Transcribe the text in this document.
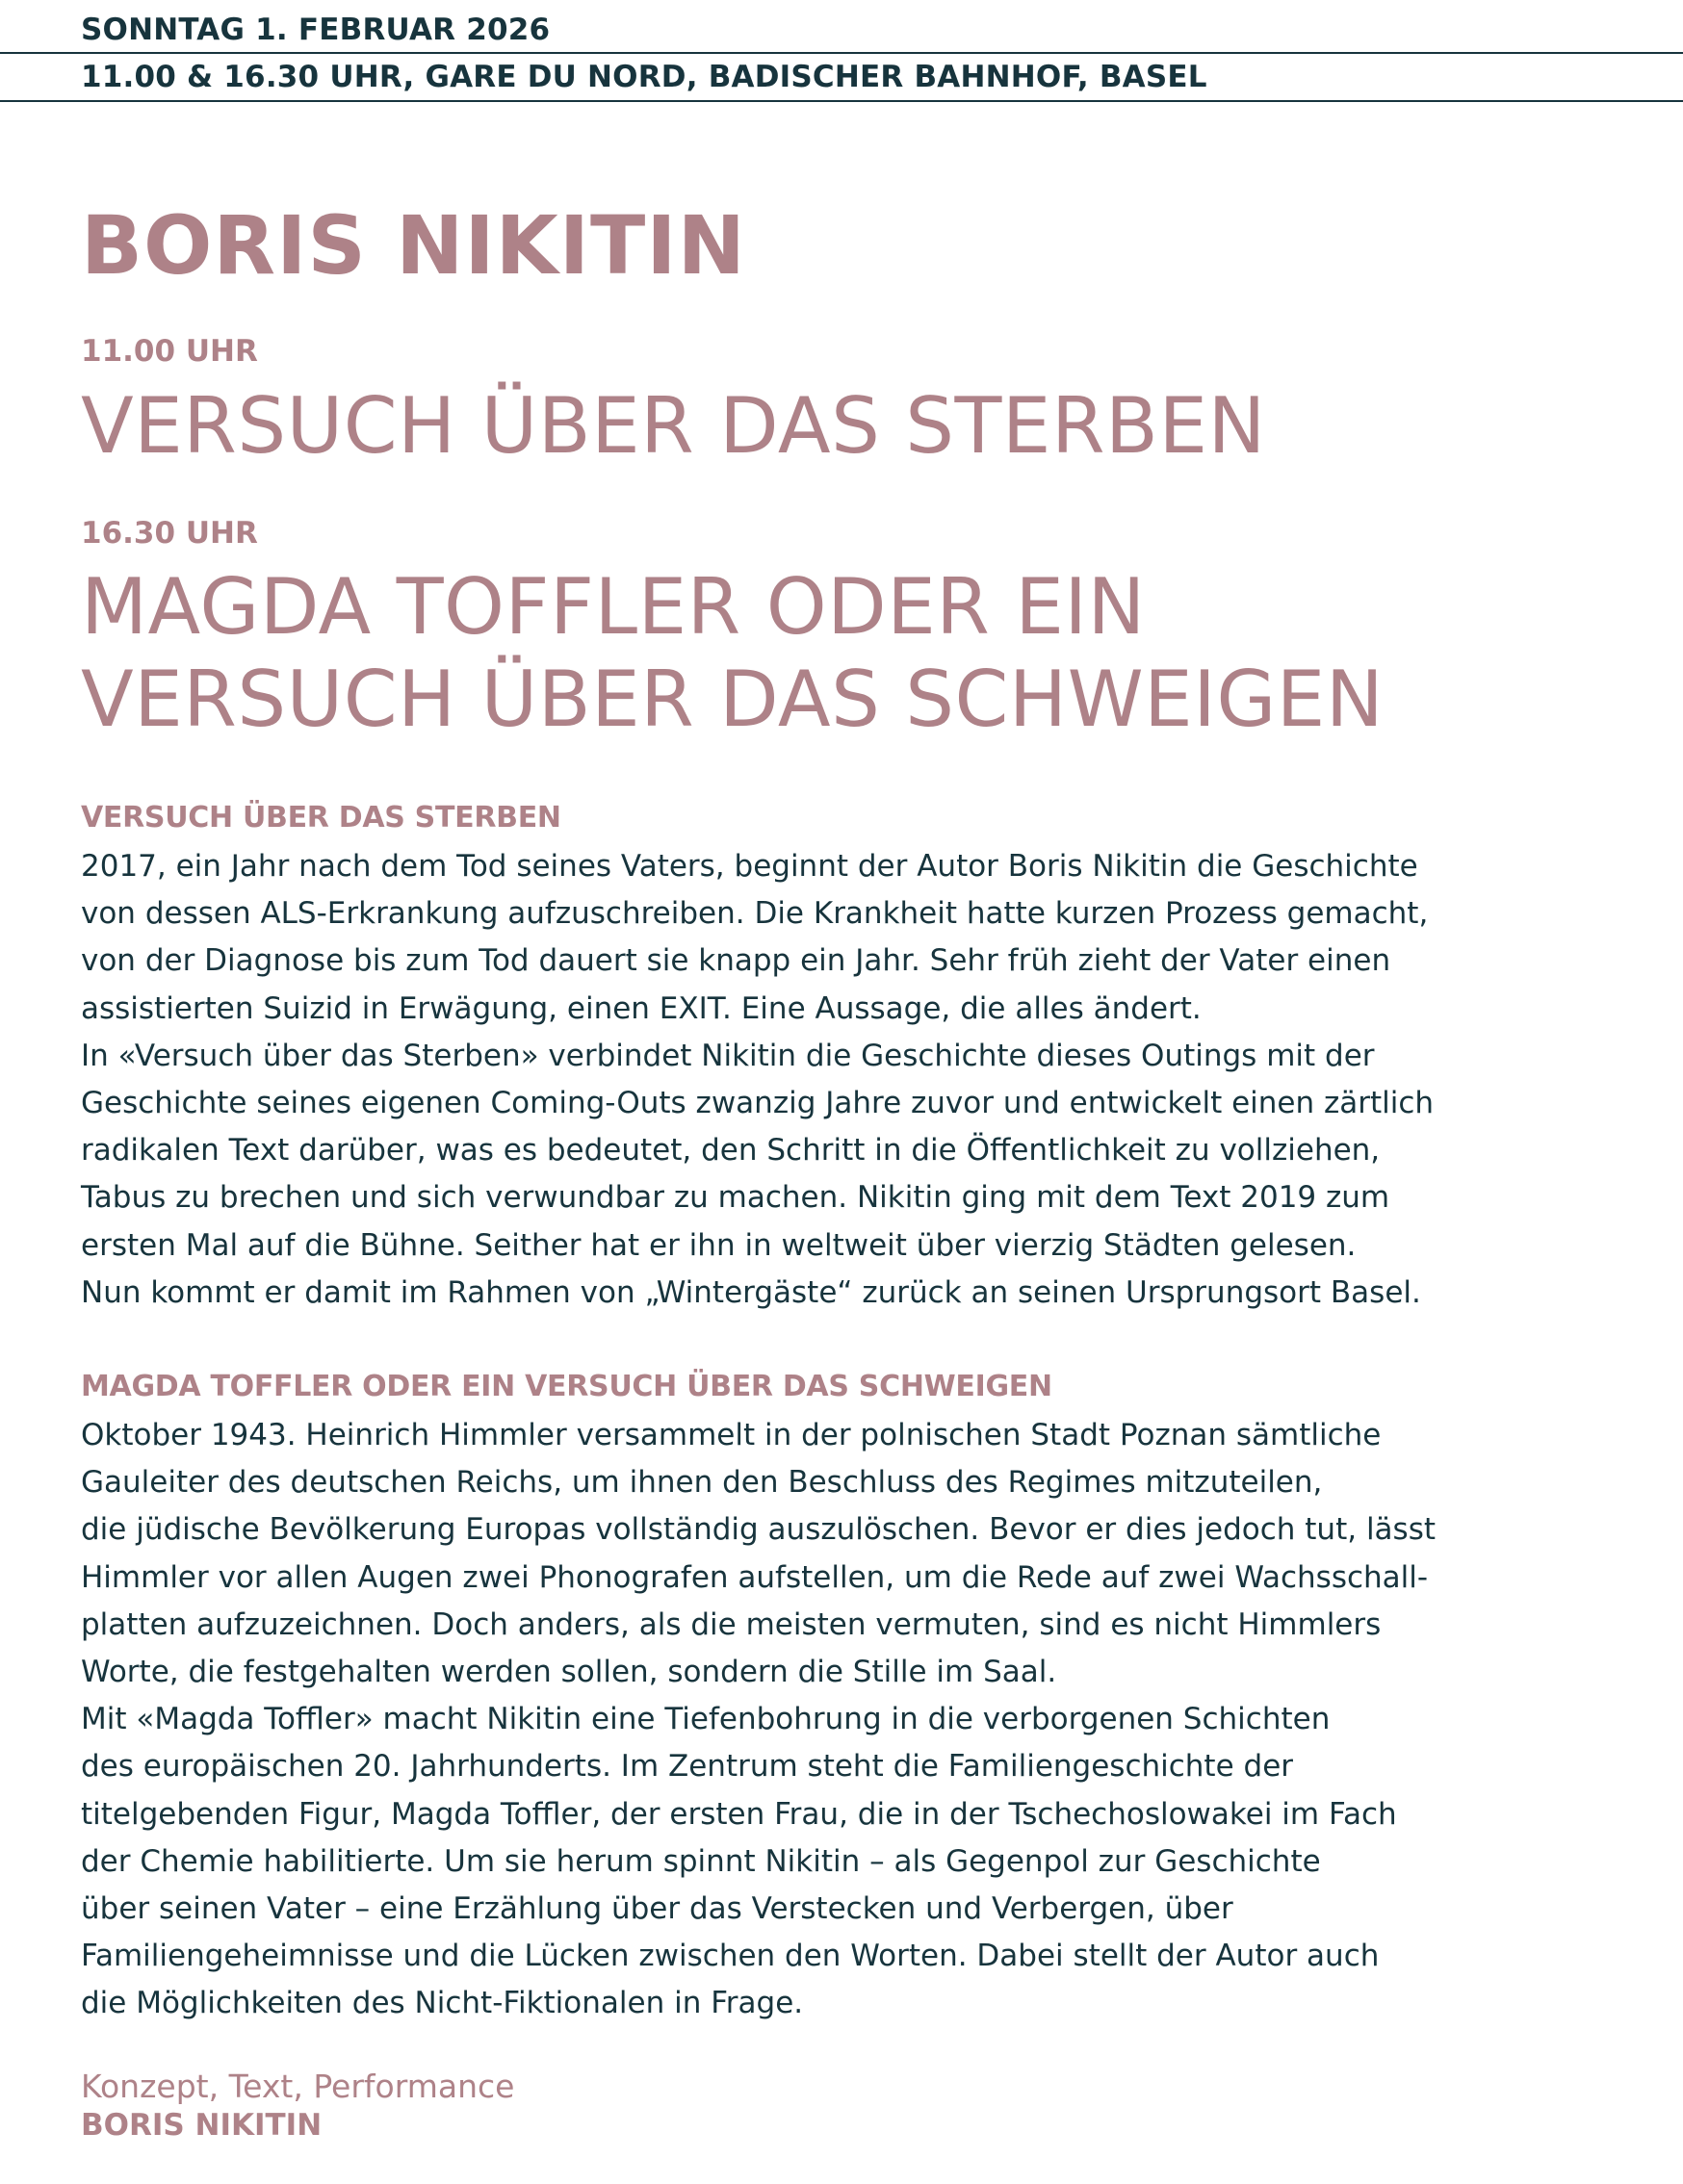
SONNTAG 1. FEBRUAR 2026
11.00 & 16.30 UHR, GARE DU NORD, BADISCHER BAHNHOF, BASEL
BORIS NIKITIN
11.00 UHR
VERSUCH ÜBER DAS STERBEN
16.30 UHR
MAGDA TOFFLER ODER EIN
VERSUCH ÜBER DAS SCHWEIGEN
VERSUCH ÜBER DAS STERBEN
2017, ein Jahr nach dem Tod seines Vaters, beginnt der Autor Boris Nikitin die Geschichte
von dessen ALS-Erkrankung aufzuschreiben. Die Krankheit hatte kurzen Prozess gemacht,
von der Diagnose bis zum Tod dauert sie knapp ein Jahr. Sehr früh zieht der Vater einen
assistierten Suizid in Erwägung, einen EXIT. Eine Aussage, die alles ändert.
In «Versuch über das Sterben» verbindet Nikitin die Geschichte dieses Outings mit der
Geschichte seines eigenen Coming-Outs zwanzig Jahre zuvor und entwickelt einen zärtlich
radikalen Text darüber, was es bedeutet, den Schritt in die Öffentlichkeit zu vollziehen,
Tabus zu brechen und sich verwundbar zu machen. Nikitin ging mit dem Text 2019 zum
ersten Mal auf die Bühne. Seither hat er ihn in weltweit über vierzig Städten gelesen.
Nun kommt er damit im Rahmen von „Wintergäste“ zurück an seinen Ursprungsort Basel.
MAGDA TOFFLER ODER EIN VERSUCH ÜBER DAS SCHWEIGEN
Oktober 1943. Heinrich Himmler versammelt in der polnischen Stadt Poznan sämtliche
Gauleiter des deutschen Reichs, um ihnen den Beschluss des Regimes mitzuteilen,
die jüdische Bevölkerung Europas vollständig auszulöschen. Bevor er dies jedoch tut, lässt
Himmler vor allen Augen zwei Phonografen aufstellen, um die Rede auf zwei Wachsschall-
platten aufzuzeichnen. Doch anders, als die meisten vermuten, sind es nicht Himmlers
Worte, die festgehalten werden sollen, sondern die Stille im Saal.
Mit «Magda Toffler» macht Nikitin eine Tiefenbohrung in die verborgenen Schichten
des europäischen 20. Jahrhunderts. Im Zentrum steht die Familiengeschichte der
titelgebenden Figur, Magda Toffler, der ersten Frau, die in der Tschechoslowakei im Fach
der Chemie habilitierte. Um sie herum spinnt Nikitin – als Gegenpol zur Geschichte
über seinen Vater – eine Erzählung über das Verstecken und Verbergen, über
Familiengeheimnisse und die Lücken zwischen den Worten. Dabei stellt der Autor auch
die Möglichkeiten des Nicht-Fiktionalen in Frage.
Konzept, Text, Performance
BORIS NIKITIN
